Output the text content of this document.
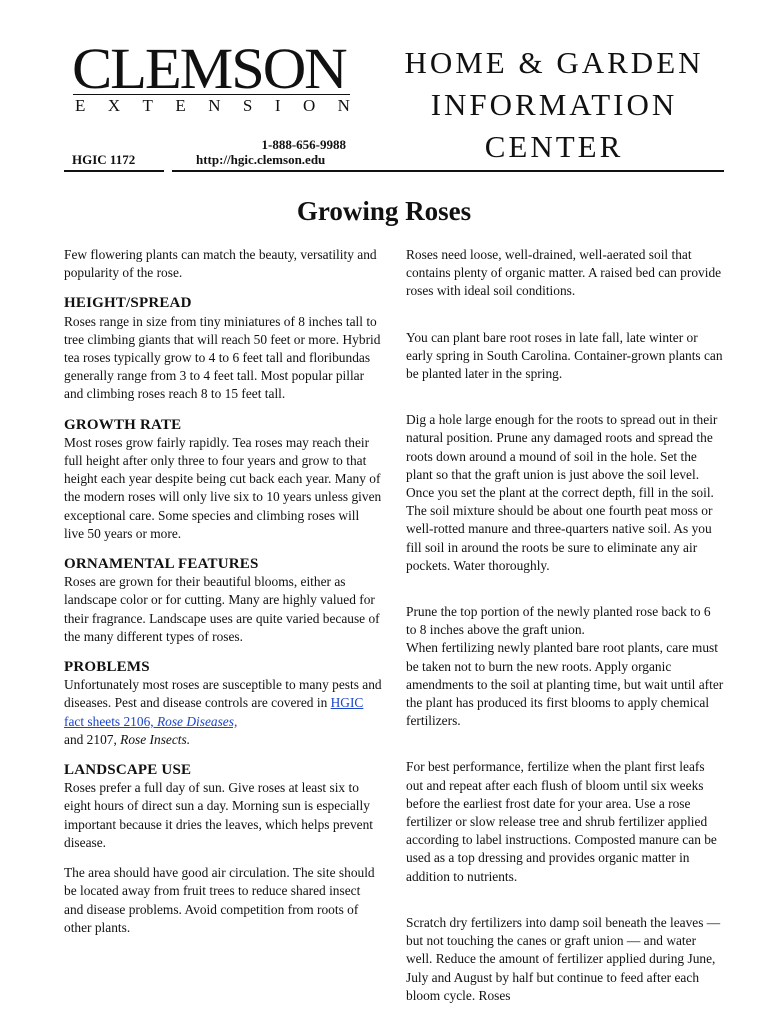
CLEMSON
E X T E N S I O N
HOME & GARDEN
INFORMATION
CENTER
1-888-656-9988
HGIC 1172	http://hgic.clemson.edu
Growing Roses

Few flowering plants can match the beauty, versatility and popularity of the rose.

HEIGHT/SPREAD

Roses range in size from tiny miniatures of 8 inches tall to tree climbing giants that will reach 50 feet or more. Hybrid tea roses typically grow to 4 to 6 feet tall and floribundas generally range from 3 to 4 feet tall. Most popular pillar and climbing roses reach 8 to 15 feet tall.

GROWTH RATE

Most roses grow fairly rapidly. Tea roses may reach their full height after only three to four years and grow to that height each year despite being cut back each year. Many of the modern roses will only live six to 10 years unless given exceptional care. Some species and climbing roses will live 50 years or more.

ORNAMENTAL FEATURES

Roses are grown for their beautiful blooms, either as landscape color or for cutting. Many are highly valued for their fragrance. Landscape uses are quite varied because of the many different types of roses.

PROBLEMS

Unfortunately most roses are susceptible to many pests and diseases. Pest and disease controls are covered in HGIC fact sheets 2106, Rose Diseases,
and 2107, Rose Insects.

LANDSCAPE USE

Roses prefer a full day of sun. Give roses at least six to eight hours of direct sun a day. Morning sun is especially important because it dries the leaves, which helps prevent disease.

The area should have good air circulation. The site should be located away from fruit trees to reduce shared insect and disease problems. Avoid competition from roots of other plants.

Roses need loose, well-drained, well-aerated soil that contains plenty of organic matter. A raised bed can provide roses with ideal soil conditions.

You can plant bare root roses in late fall, late winter or early spring in South Carolina. Container-grown plants can be planted later in the spring.

Dig a hole large enough for the roots to spread out in their natural position. Prune any damaged roots and spread the roots down around a mound of soil in the hole. Set the plant so that the graft union is just above the soil level. Once you set the plant at the correct depth, fill in the soil. The soil mixture should be about one fourth peat moss or well-rotted manure and three-quarters native soil. As you fill soil in around the roots be sure to eliminate any air pockets. Water thoroughly.

Prune the top portion of the newly planted rose back to 6 to 8 inches above the graft union.
When fertilizing newly planted bare root plants, care must be taken not to burn the new roots. Apply organic amendments to the soil at planting time, but wait until after the plant has produced its first blooms to apply chemical fertilizers.

For best performance, fertilize when the plant first leafs out and repeat after each flush of bloom until six weeks before the earliest frost date for your area. Use a rose fertilizer or slow release tree and shrub fertilizer applied according to label instructions. Composted manure can be used as a top dressing and provides organic matter in addition to nutrients.

Scratch dry fertilizers into damp soil beneath the leaves — but not touching the canes or graft union — and water well. Reduce the amount of fertilizer applied during June, July and August by half but continue to feed after each bloom cycle. Roses
